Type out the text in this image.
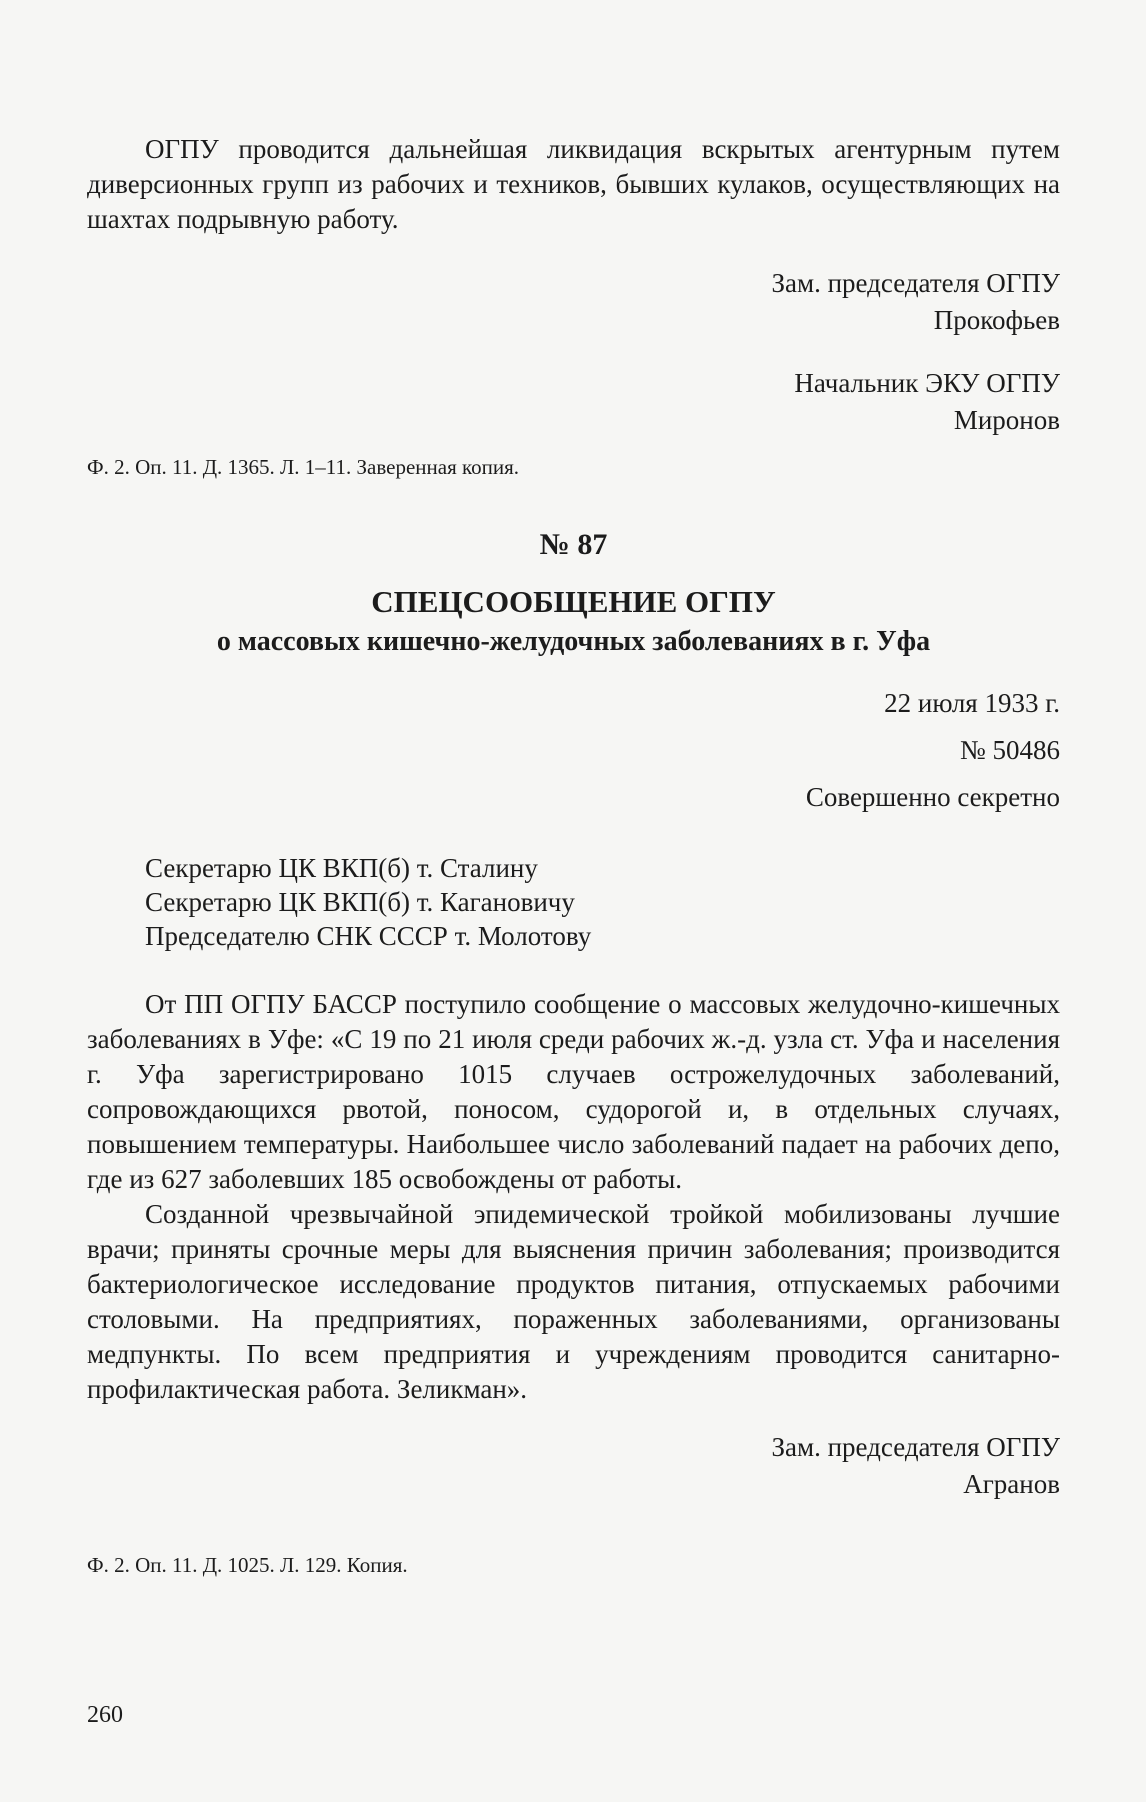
ОГПУ проводится дальнейшая ликвидация вскрытых агентурным путем диверсионных групп из рабочих и техников, бывших кулаков, осуществляющих на шахтах подрывную работу.

Зам. председателя ОГПУ

Прокофьев

Начальник ЭКУ ОГПУ

Миронов

Ф. 2. Оп. 11. Д. 1365. Л. 1–11. Заверенная копия.

№ 87

СПЕЦСООБЩЕНИЕ ОГПУ

о массовых кишечно-желудочных заболеваниях в г. Уфа

22 июля 1933 г.

№ 50486

Совершенно секретно

Секретарю ЦК ВКП(б) т. Сталину

Секретарю ЦК ВКП(б) т. Кагановичу

Председателю СНК СССР т. Молотову

От ПП ОГПУ БАССР поступило сообщение о массовых желудочно-кишечных заболеваниях в Уфе: «С 19 по 21 июля среди рабочих ж.-д. узла ст. Уфа и населения г. Уфа зарегистрировано 1015 случаев острожелудочных заболеваний, сопровождающихся рвотой, поносом, судорогой и, в отдельных случаях, повышением температуры. Наибольшее число заболеваний падает на рабочих депо, где из 627 заболевших 185 освобождены от работы.

Созданной чрезвычайной эпидемической тройкой мобилизованы лучшие врачи; приняты срочные меры для выяснения причин заболевания; производится бактериологическое исследование продуктов питания, отпускаемых рабочими столовыми. На предприятиях, пораженных заболеваниями, организованы медпункты. По всем предприятия и учреждениям проводится санитарно-профилактическая работа. Зеликман».

Зам. председателя ОГПУ

Агранов

Ф. 2. Оп. 11. Д. 1025. Л. 129. Копия.

260
